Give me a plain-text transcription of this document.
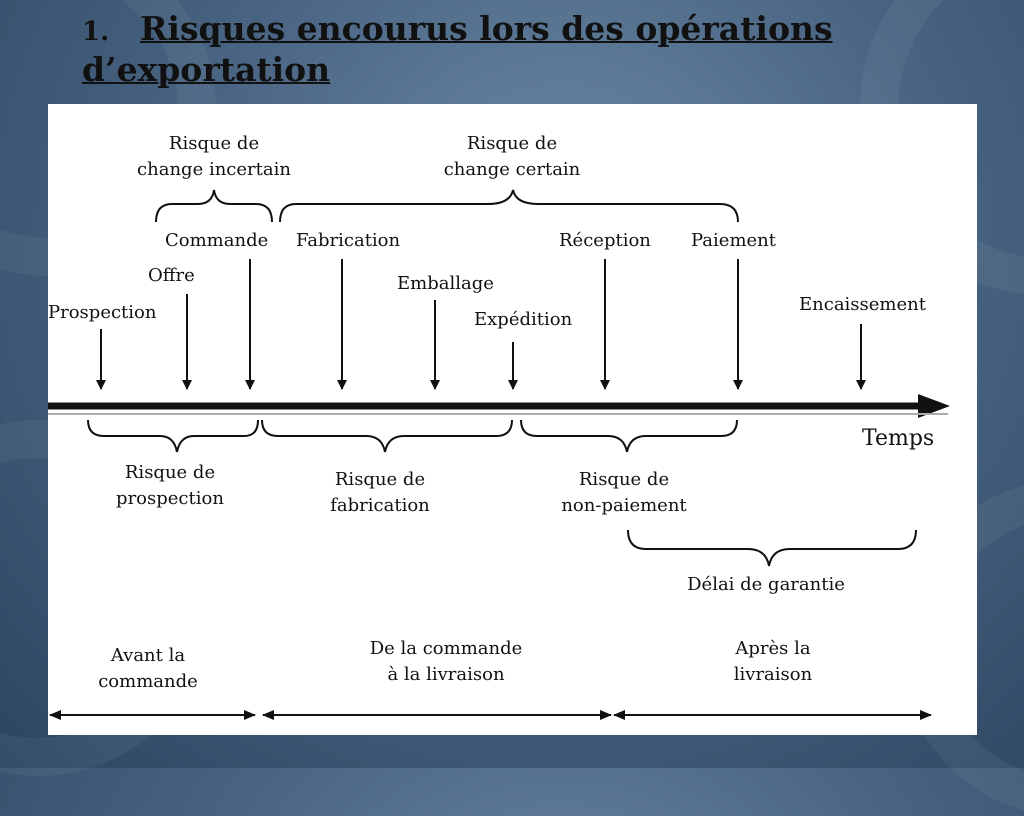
1. Risques encourus lors des opérations
d’exportation
Risque de
change incertain
Risque de
change certain
Commande Fabrication	Réception Paiement
Offre	Emballage
Encaissement
Prospection	Expédition
Temps
Risque de
prospection
Risque de
fabrication
Risque de
non-paiement
Délai de garantie
Avant la
commande
De la commande
à la livraison
Après la
livraison
